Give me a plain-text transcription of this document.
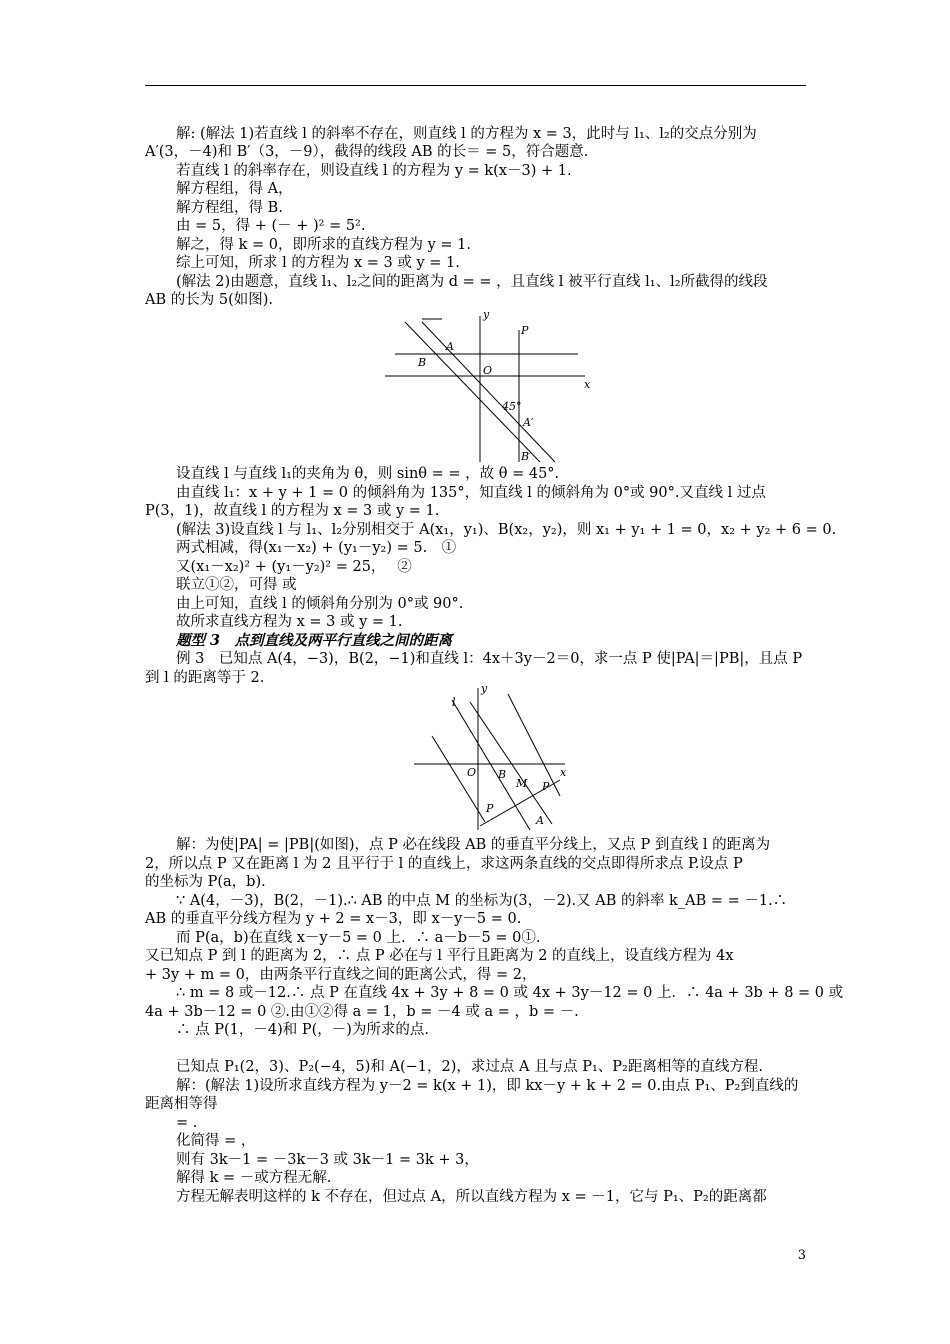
解: (解法 1)若直线 l 的斜率不存在，则直线 l 的方程为 x = 3，此时与 l₁、l₂的交点分别为
A′(3，－4)和 B′（3，－9），截得的线段 AB 的长＝ = 5，符合题意.
若直线 l 的斜率存在，则设直线 l 的方程为 y = k(x－3) + 1.
解方程组，得 A，
解方程组，得 B.
由 = 5，得 + (－ + )² = 5².
解之，得 k = 0，即所求的直线方程为 y = 1.
综上可知，所求 l 的方程为 x = 3 或 y = 1.
(解法 2)由题意，直线 l₁、l₂之间的距离为 d = = ，且直线 l 被平行直线 l₁、l₂所截得的线段
AB 的长为 5(如图).
A
B
O
x
y
P
45°
A′
B′
设直线 l 与直线 l₁的夹角为 θ，则 sinθ = = ，故 θ = 45°.
由直线 l₁：x + y + 1 = 0 的倾斜角为 135°，知直线 l 的倾斜角为 0°或 90°.又直线 l 过点
P(3，1)，故直线 l 的方程为 x = 3 或 y = 1.
(解法 3)设直线 l 与 l₁、l₂分别相交于 A(x₁，y₁)、B(x₂，y₂)，则 x₁ + y₁ + 1 = 0，x₂ + y₂ + 6 = 0.
两式相减，得(x₁－x₂) + (y₁－y₂) = 5.　①
又(x₁－x₂)² + (y₁－y₂)² = 25，　 ②
联立①②，可得 或
由上可知，直线 l 的倾斜角分别为 0°或 90°.
故所求直线方程为 x = 3 或 y = 1.
题型 3　点到直线及两平行直线之间的距离
例 3　已知点 A(4，−3)，B(2，−1)和直线 l：4x＋3y－2＝0，求一点 P 使|PA|＝|PB|，且点 P
到 l 的距离等于 2.
l
y
O B
M
x
P
A
P
解：为使|PA| = |PB|(如图)，点 P 必在线段 AB 的垂直平分线上，又点 P 到直线 l 的距离为
2，所以点 P 又在距离 l 为 2 且平行于 l 的直线上，求这两条直线的交点即得所求点 P.设点 P
的坐标为 P(a，b).
∵ A(4，－3)，B(2，－1).∴ AB 的中点 M 的坐标为(3，－2).又 AB 的斜率 k_AB = = －1.∴
AB 的垂直平分线方程为 y + 2 = x－3，即 x－y－5 = 0.
而 P(a，b)在直线 x－y－5 = 0 上．∴ a－b－5 = 0①.
又已知点 P 到 l 的距离为 2，∴ 点 P 必在与 l 平行且距离为 2 的直线上，设直线方程为 4x
+ 3y + m = 0，由两条平行直线之间的距离公式，得 = 2，
∴ m = 8 或－12.∴ 点 P 在直线 4x + 3y + 8 = 0 或 4x + 3y－12 = 0 上．∴ 4a + 3b + 8 = 0 或
4a + 3b－12 = 0 ②.由①②得 a = 1，b = －4 或 a = ，b = －.
∴ 点 P(1，－4)和 P(，－)为所求的点.
已知点 P₁(2，3)、P₂(−4，5)和 A(−1，2)，求过点 A 且与点 P₁、P₂距离相等的直线方程.
解：(解法 1)设所求直线方程为 y－2 = k(x + 1)，即 kx－y + k + 2 = 0.由点 P₁、P₂到直线的
距离相等得
= .
化简得 = ，
则有 3k－1 = －3k－3 或 3k－1 = 3k + 3，
解得 k = －或方程无解.
方程无解表明这样的 k 不存在，但过点 A，所以直线方程为 x = －1，它与 P₁、P₂的距离都
3
